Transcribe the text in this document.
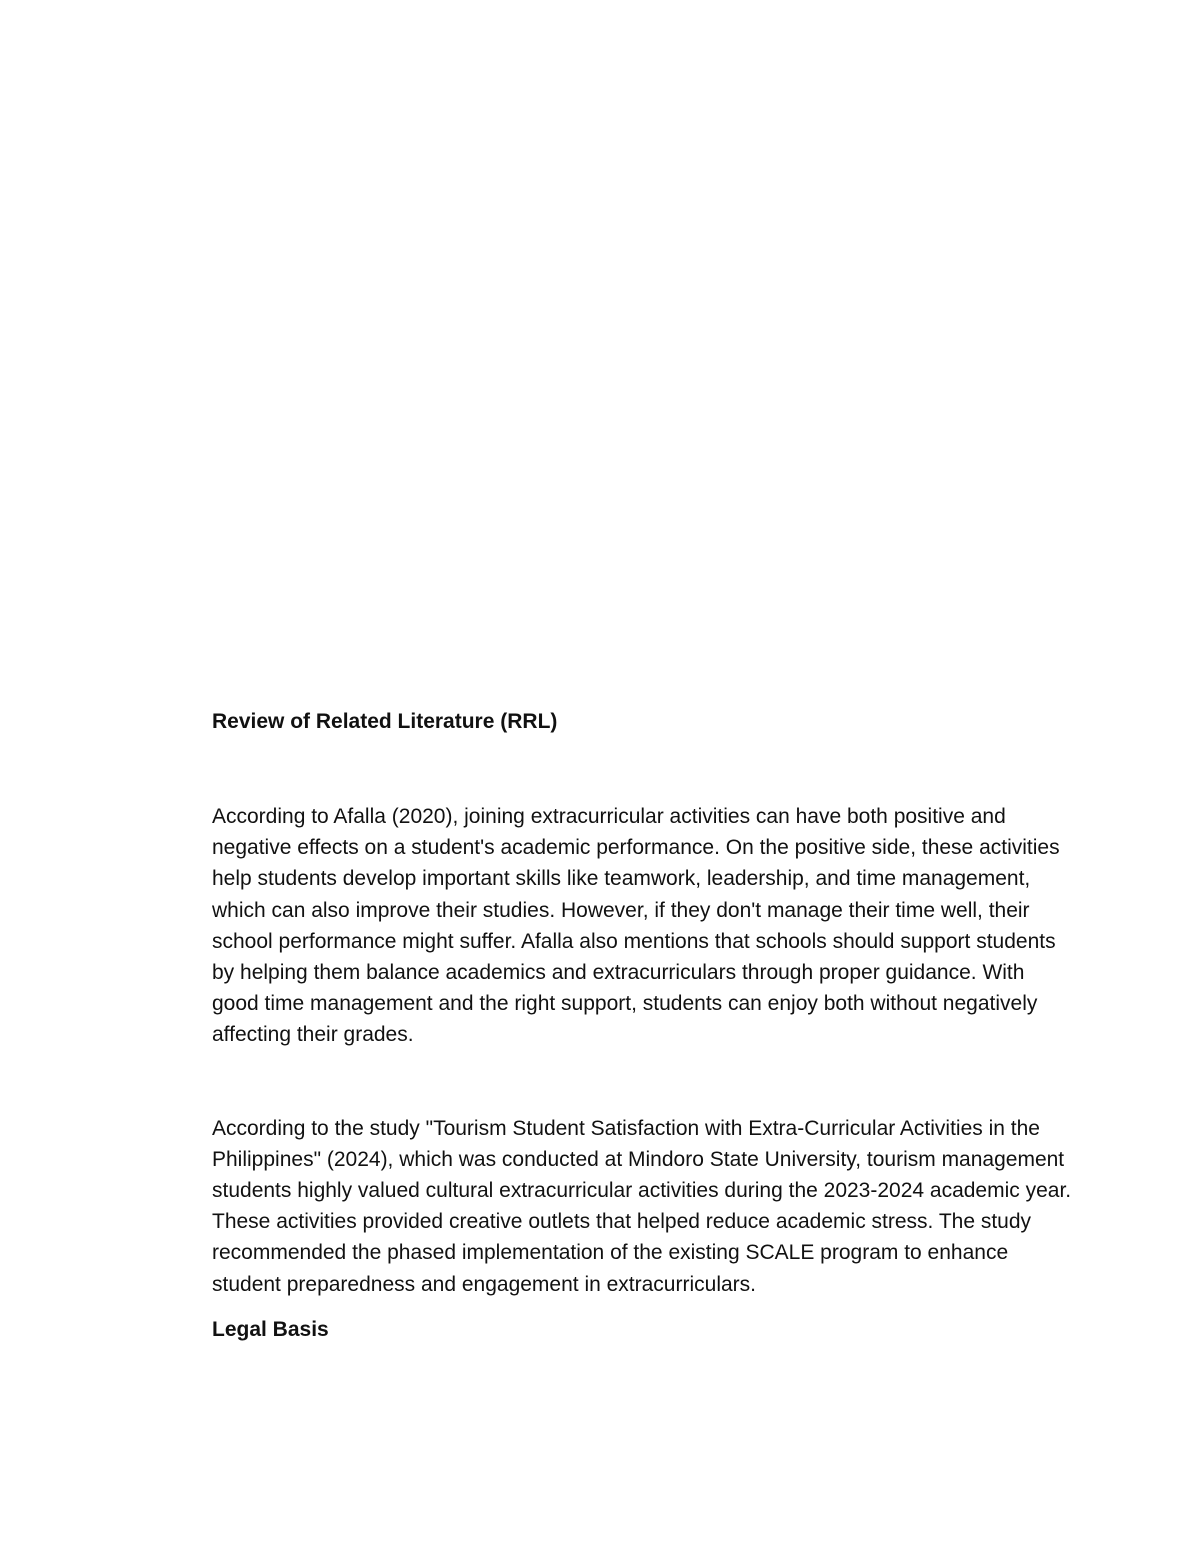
Review of Related Literature (RRL)

According to Afalla (2020), joining extracurricular activities can have both positive and negative effects on a student's academic performance. On the positive side, these activities help students develop important skills like teamwork, leadership, and time management, which can also improve their studies. However, if they don't manage their time well, their school performance might suffer. Afalla also mentions that schools should support students by helping them balance academics and extracurriculars through proper guidance. With good time management and the right support, students can enjoy both without negatively affecting their grades.

According to the study "Tourism Student Satisfaction with Extra-Curricular Activities in the Philippines" (2024), which was conducted at Mindoro State University, tourism management students highly valued cultural extracurricular activities during the 2023-2024 academic year. These activities provided creative outlets that helped reduce academic stress. The study recommended the phased implementation of the existing SCALE program to enhance student preparedness and engagement in extracurriculars.

Legal Basis
